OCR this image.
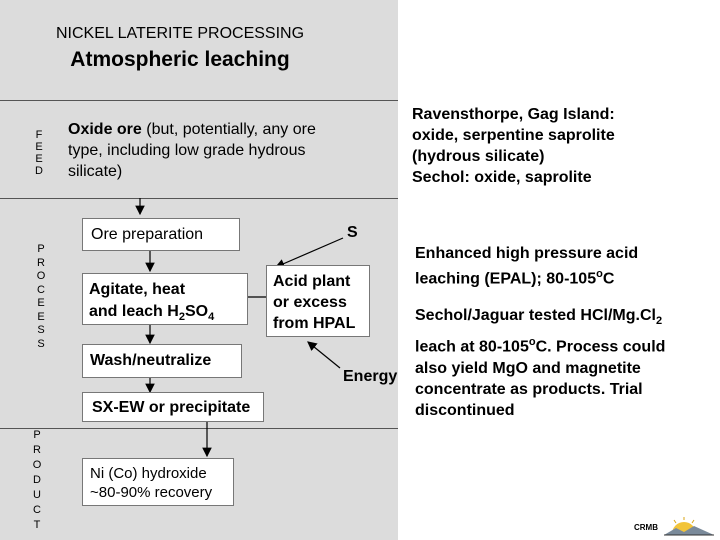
NICKEL LATERITE PROCESSING
Atmospheric leaching
F
E
E
D
P
R
O
C
E
E
S
S
P
R
O
D
U
C
T
Oxide ore (but, potentially, any ore
type, including low grade hydrous
silicate)
Ore preparation
Agitate, heat
and leach $H_2SO_4$
Wash/neutralize
SX-EW or precipitate
S
Acid plant
or excess
from HPAL
Energy
Ni (Co) hydroxide
~80-90% recovery
Ravensthorpe, Gag Island:
oxide, serpentine saprolite
(hydrous silicate)
Sechol: oxide, saprolite
Enhanced high pressure acid
leaching (EPAL); 80-105$^o$C
Sechol/Jaguar tested HCl/$Mg.Cl_2$
leach at 80-105$^o$C. Process could
also yield MgO and magnetite
concentrate as products. Trial
discontinued
CRMB
